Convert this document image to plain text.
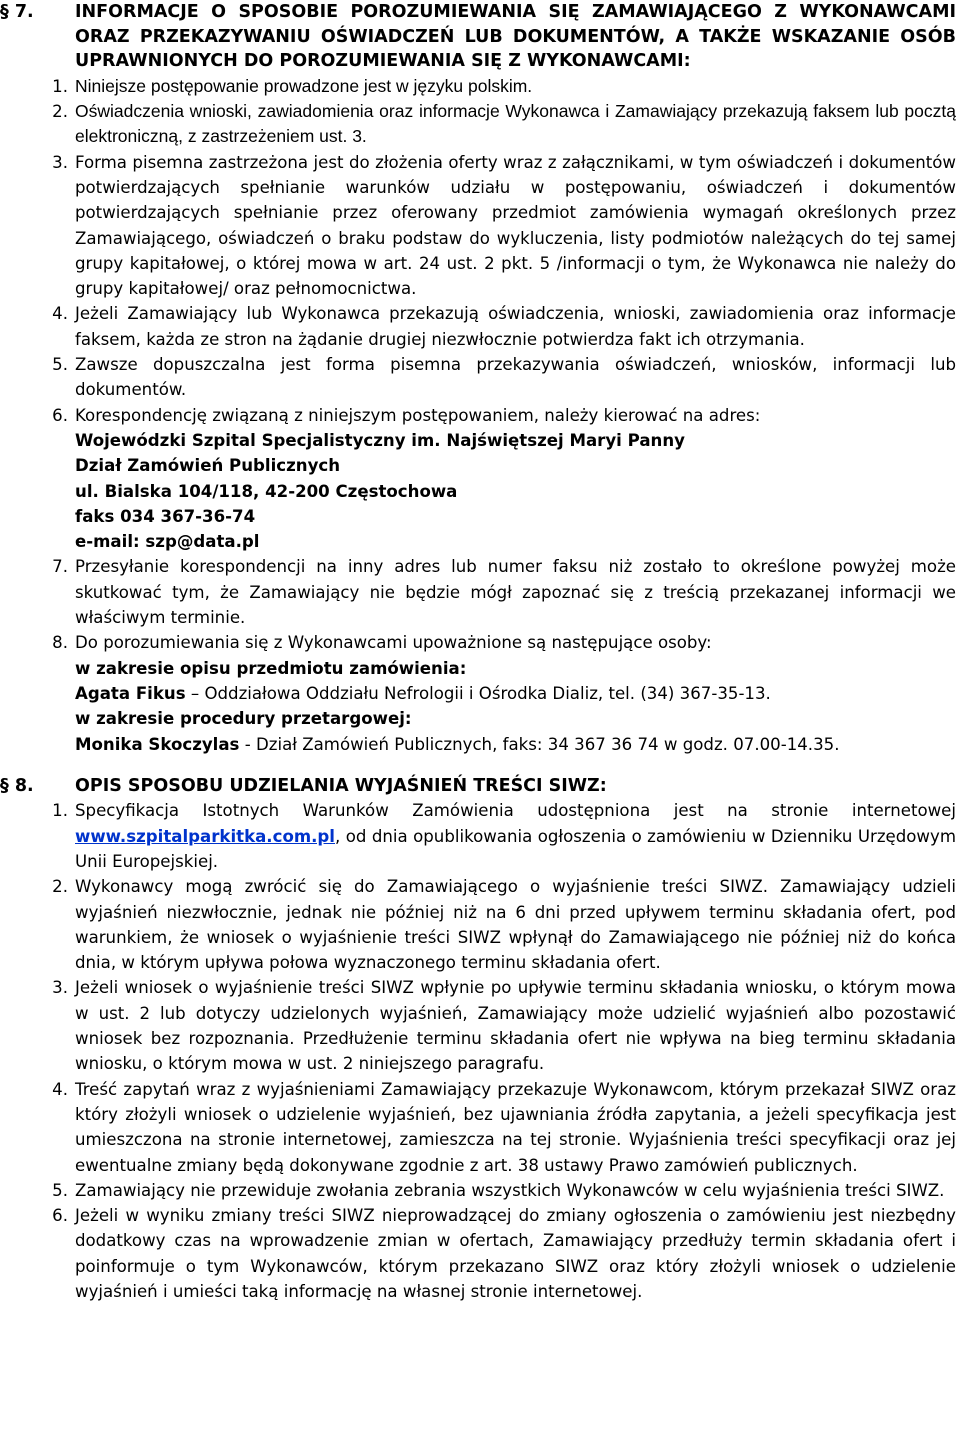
§ 7.	INFORMACJE O SPOSOBIE POROZUMIEWANIA SIĘ ZAMAWIAJĄCEGO Z WYKONAWCAMI ORAZ PRZEKAZYWANIU OŚWIADCZEŃ LUB DOKUMENTÓW, A TAKŻE WSKAZANIE OSÓB UPRAWNIONYCH DO POROZUMIEWANIA SIĘ Z WYKONAWCAMI:
1. Niniejsze postępowanie prowadzone jest w języku polskim.
2. Oświadczenia wnioski, zawiadomienia oraz informacje Wykonawca i Zamawiający przekazują faksem lub pocztą elektroniczną, z zastrzeżeniem ust. 3.
3. Forma pisemna zastrzeżona jest do złożenia oferty wraz z załącznikami, w tym oświadczeń i dokumentów potwierdzających spełnianie warunków udziału w postępowaniu, oświadczeń i dokumentów potwierdzających spełnianie przez oferowany przedmiot zamówienia wymagań określonych przez Zamawiającego, oświadczeń o braku podstaw do wykluczenia, listy podmiotów należących do tej samej grupy kapitałowej, o której mowa w art. 24 ust. 2 pkt. 5 /informacji o tym, że Wykonawca nie należy do grupy kapitałowej/ oraz pełnomocnictwa.
4. Jeżeli Zamawiający lub Wykonawca przekazują oświadczenia, wnioski, zawiadomienia oraz informacje faksem, każda ze stron na żądanie drugiej niezwłocznie potwierdza fakt ich otrzymania.
5. Zawsze dopuszczalna jest forma pisemna przekazywania oświadczeń, wniosków, informacji lub dokumentów.
6. Korespondencję związaną z niniejszym postępowaniem, należy kierować na adres:
Wojewódzki Szpital Specjalistyczny im. Najświętszej Maryi Panny
Dział Zamówień Publicznych
ul. Bialska 104/118, 42-200 Częstochowa
faks 034 367-36-74
e-mail: szp@data.pl
7. Przesyłanie korespondencji na inny adres lub numer faksu niż zostało to określone powyżej może skutkować tym, że Zamawiający nie będzie mógł zapoznać się z treścią przekazanej informacji we właściwym terminie.
8. Do porozumiewania się z Wykonawcami upoważnione są następujące osoby:
w zakresie opisu przedmiotu zamówienia:
Agata Fikus – Oddziałowa Oddziału Nefrologii i Ośrodka Dializ, tel. (34) 367-35-13.
w zakresie procedury przetargowej:
Monika Skoczylas - Dział Zamówień Publicznych, faks: 34 367 36 74 w godz. 07.00-14.35.
§ 8.	OPIS SPOSOBU UDZIELANIA WYJAŚNIEŃ TREŚCI SIWZ:
1. Specyfikacja Istotnych Warunków Zamówienia udostępniona jest na stronie internetowej www.szpitalparkitka.com.pl, od dnia opublikowania ogłoszenia o zamówieniu w Dzienniku Urzędowym Unii Europejskiej.
2. Wykonawcy mogą zwrócić się do Zamawiającego o wyjaśnienie treści SIWZ. Zamawiający udzieli wyjaśnień niezwłocznie, jednak nie później niż na 6 dni przed upływem terminu składania ofert, pod warunkiem, że wniosek o wyjaśnienie treści SIWZ wpłynął do Zamawiającego nie później niż do końca dnia, w którym upływa połowa wyznaczonego terminu składania ofert.
3. Jeżeli wniosek o wyjaśnienie treści SIWZ wpłynie po upływie terminu składania wniosku, o którym mowa w ust. 2 lub dotyczy udzielonych wyjaśnień, Zamawiający może udzielić wyjaśnień albo pozostawić wniosek bez rozpoznania. Przedłużenie terminu składania ofert nie wpływa na bieg terminu składania wniosku, o którym mowa w ust. 2 niniejszego paragrafu.
4. Treść zapytań wraz z wyjaśnieniami Zamawiający przekazuje Wykonawcom, którym przekazał SIWZ oraz który złożyli wniosek o udzielenie wyjaśnień, bez ujawniania źródła zapytania, a jeżeli specyfikacja jest umieszczona na stronie internetowej, zamieszcza na tej stronie. Wyjaśnienia treści specyfikacji oraz jej ewentualne zmiany będą dokonywane zgodnie z art. 38 ustawy Prawo zamówień publicznych.
5. Zamawiający nie przewiduje zwołania zebrania wszystkich Wykonawców w celu wyjaśnienia treści SIWZ.
6. Jeżeli w wyniku zmiany treści SIWZ nieprowadzącej do zmiany ogłoszenia o zamówieniu jest niezbędny dodatkowy czas na wprowadzenie zmian w ofertach, Zamawiający przedłuży termin składania ofert i poinformuje o tym Wykonawców, którym przekazano SIWZ oraz który złożyli wniosek o udzielenie wyjaśnień i umieści taką informację na własnej stronie internetowej.
